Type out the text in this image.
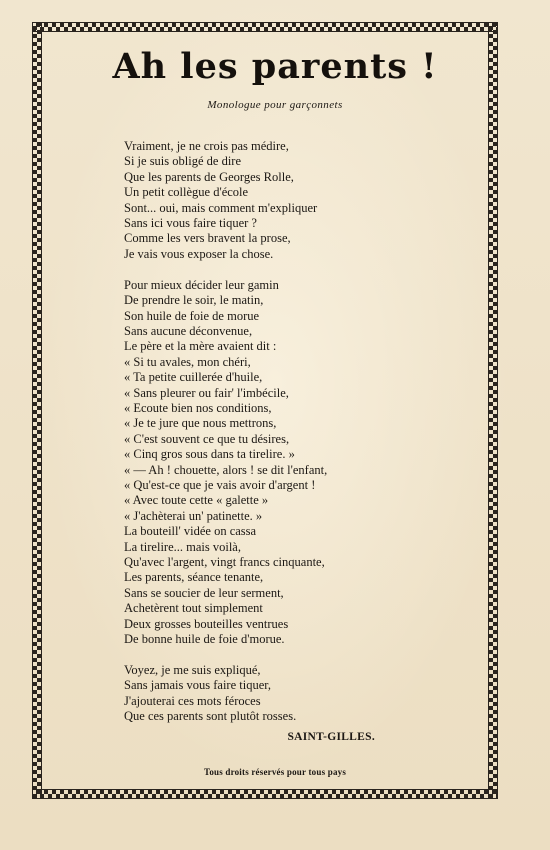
Ah les parents !
Monologue pour garçonnets
Vraiment, je ne crois pas médire,
Si je suis obligé de dire
Que les parents de Georges Rolle,
Un petit collègue d'école
Sont... oui, mais comment m'expliquer
Sans ici vous faire tiquer ?
Comme les vers bravent la prose,
Je vais vous exposer la chose.
Pour mieux décider leur gamin
De prendre le soir, le matin,
Son huile de foie de morue
Sans aucune déconvenue,
Le père et la mère avaient dit :
« Si tu avales, mon chéri,
« Ta petite cuillerée d'huile,
« Sans pleurer ou fair' l'imbécile,
« Ecoute bien nos conditions,
« Je te jure que nous mettrons,
« C'est souvent ce que tu désires,
« Cinq gros sous dans ta tirelire. »
« — Ah ! chouette, alors ! se dit l'enfant,
« Qu'est-ce que je vais avoir d'argent !
« Avec toute cette « galette »
« J'achèterai un' patinette. »
La bouteill' vidée on cassa
La tirelire... mais voilà,
Qu'avec l'argent, vingt francs cinquante,
Les parents, séance tenante,
Sans se soucier de leur serment,
Achetèrent tout simplement
Deux grosses bouteilles ventrues
De bonne huile de foie d'morue.
Voyez, je me suis expliqué,
Sans jamais vous faire tiquer,
J'ajouterai ces mots féroces
Que ces parents sont plutôt rosses.
SAINT-GILLES.
Tous droits réservés pour tous pays
